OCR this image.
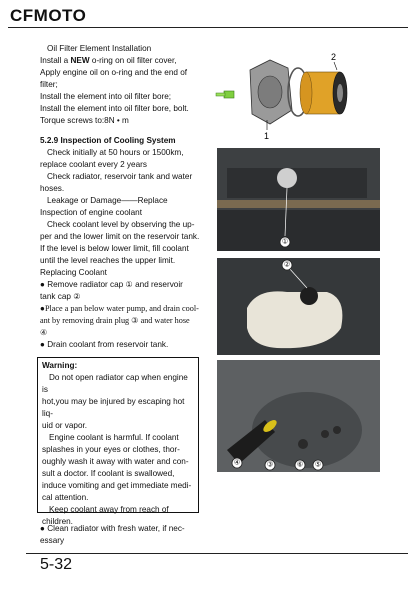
CFMOTO

Oil Filter Element Installation

Install a NEW o-ring on oil filter cover,

Apply engine oil on o-ring and the end of

filter;

Install the element into oil filter bore;

Install the element into oil filter bore, bolt.

Torque screws to:8N • m

1
2

5.2.9 Inspection of Cooling System

Check initially at 50 hours or 1500km,

replace coolant every 2 years

Check radiator, reservoir tank and water

hoses.

Leakage or Damage——Replace

Inspection of engine coolant

Check coolant level by observing the up-

per and the lower limit on the reservoir tank.

If the level is below lower limit, fill coolant

until the level reaches the upper limit.

Replacing Coolant

● Remove radiator cap ① and reservoir

tank cap ②

●Place a pan below water pump, and drain cool-

ant by removing drain plug ③ and water hose

④

● Drain coolant from reservoir tank.

Warning:

Do not open radiator cap when engine is

hot,you may be injured by escaping hot liq-

uid or vapor.

Engine coolant is harmful. If coolant

splashes in your eyes or clothes, thor-

oughly wash it away with water and con-

sult a doctor. If coolant is swallowed,

induce vomiting and get immediate medi-

cal attention.

Keep coolant away from reach of

children.

● Clean radiator with fresh water, if nec-

essary

①
②
④	③	⑥ ⑤
5-32
